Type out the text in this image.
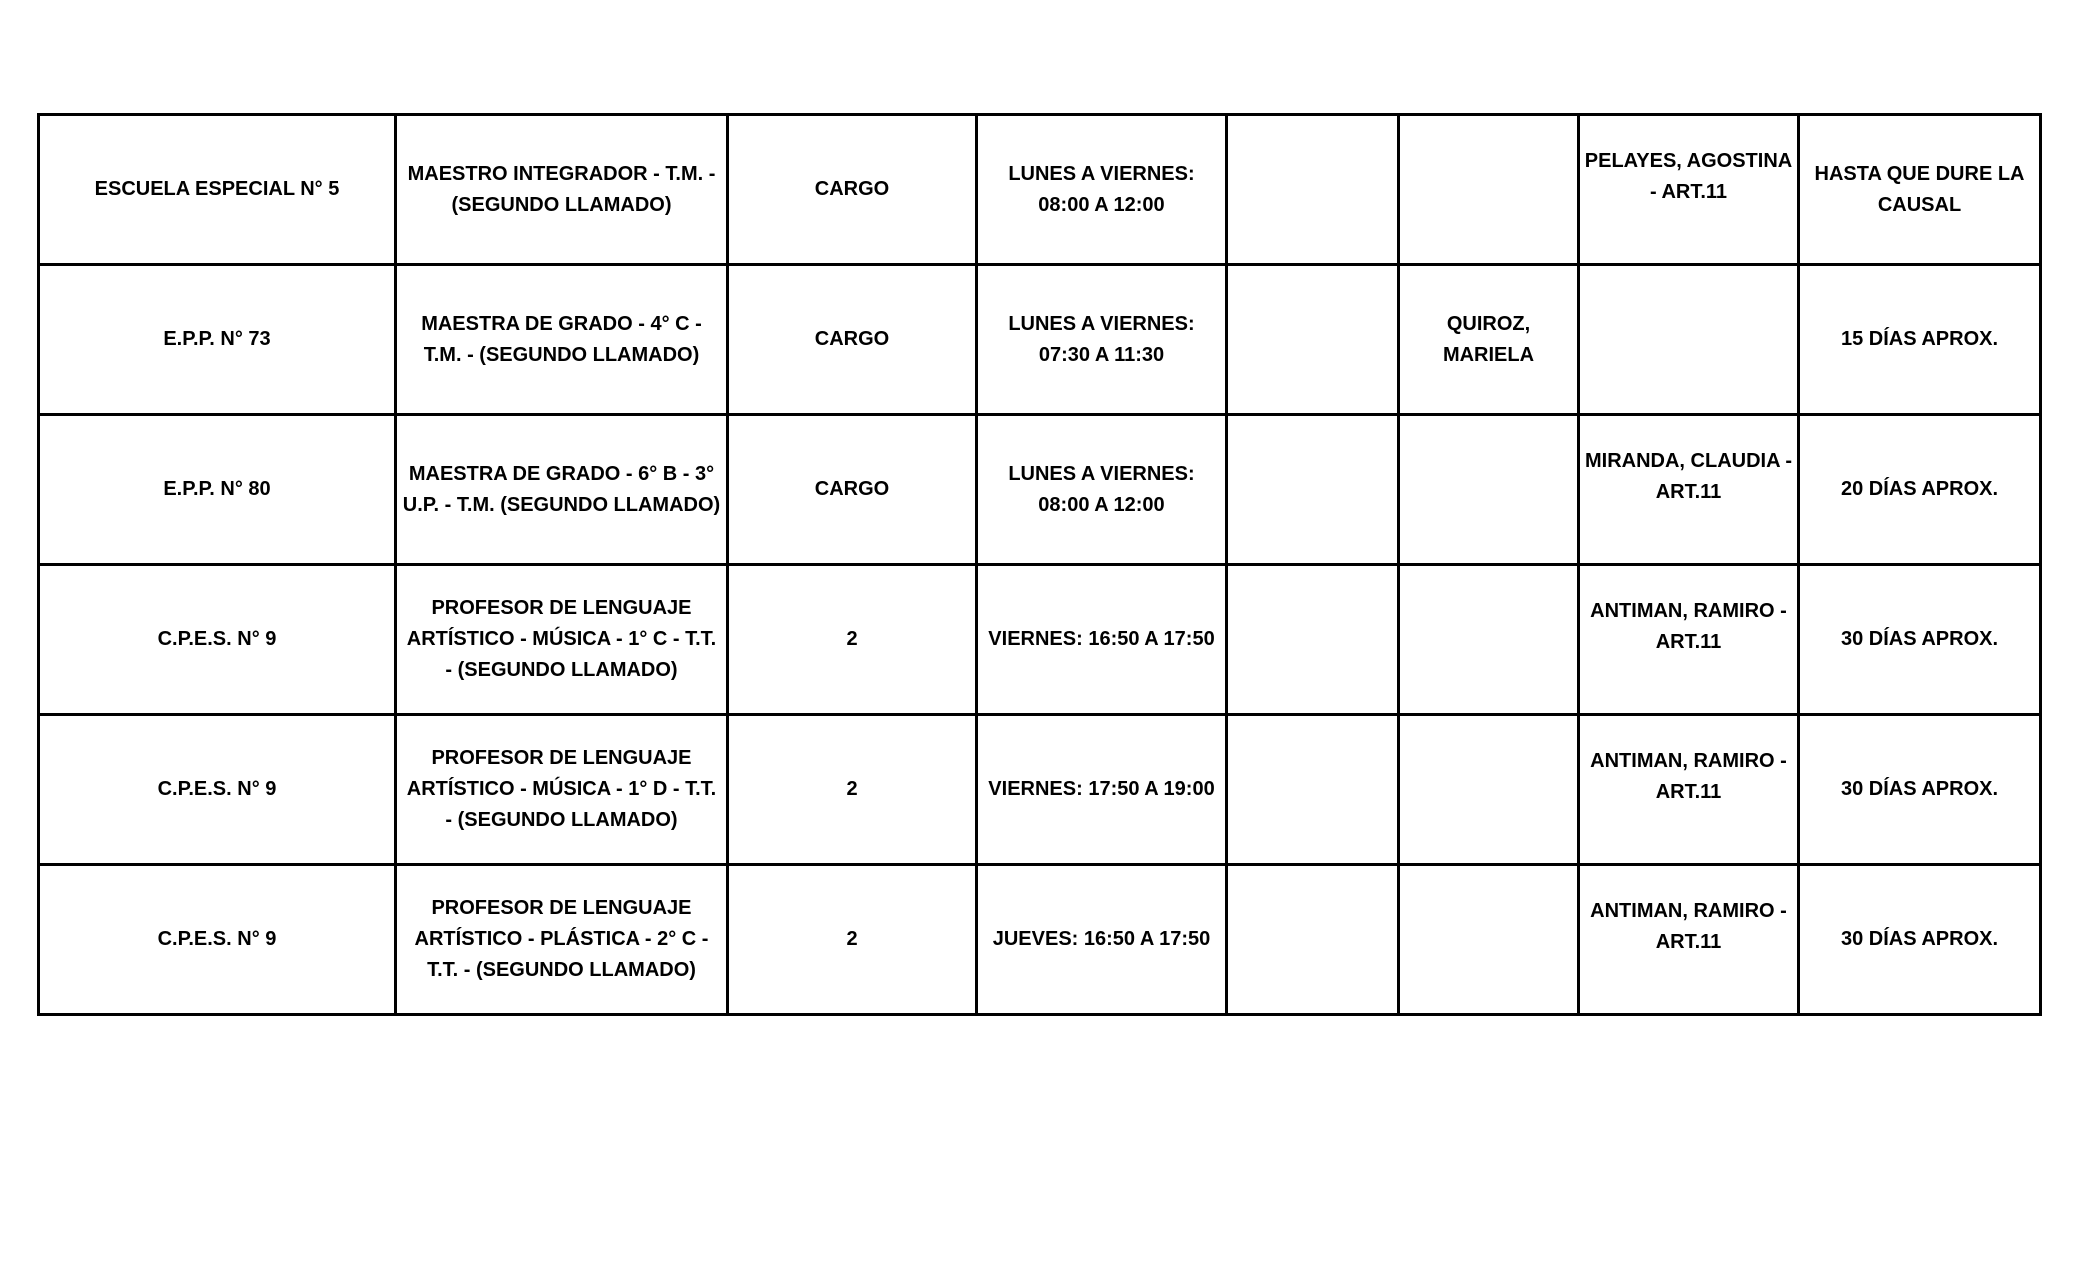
ESCUELA ESPECIAL N° 5	MAESTRO INTEGRADOR - T.M. - (SEGUNDO LLAMADO)	CARGO	LUNES A VIERNES: 08:00 A 12:00			PELAYES, AGOSTINA - ART.11	HASTA QUE DURE LA CAUSAL
E.P.P. N° 73	MAESTRA DE GRADO - 4° C - T.M. - (SEGUNDO LLAMADO)	CARGO	LUNES A VIERNES: 07:30 A 11:30		QUIROZ, MARIELA		15 DÍAS APROX.
E.P.P. N° 80	MAESTRA DE GRADO - 6° B - 3° U.P. - T.M. (SEGUNDO LLAMADO)	CARGO	LUNES A VIERNES: 08:00 A 12:00			MIRANDA, CLAUDIA - ART.11	20 DÍAS APROX.
C.P.E.S. N° 9	PROFESOR DE LENGUAJE ARTÍSTICO - MÚSICA - 1° C - T.T. - (SEGUNDO LLAMADO)	2	VIERNES: 16:50 A 17:50			ANTIMAN, RAMIRO - ART.11	30 DÍAS APROX.
C.P.E.S. N° 9	PROFESOR DE LENGUAJE ARTÍSTICO - MÚSICA - 1° D - T.T. - (SEGUNDO LLAMADO)	2	VIERNES: 17:50 A 19:00			ANTIMAN, RAMIRO - ART.11	30 DÍAS APROX.
C.P.E.S. N° 9	PROFESOR DE LENGUAJE ARTÍSTICO - PLÁSTICA - 2° C - T.T. - (SEGUNDO LLAMADO)	2	JUEVES: 16:50 A 17:50			ANTIMAN, RAMIRO - ART.11	30 DÍAS APROX.
